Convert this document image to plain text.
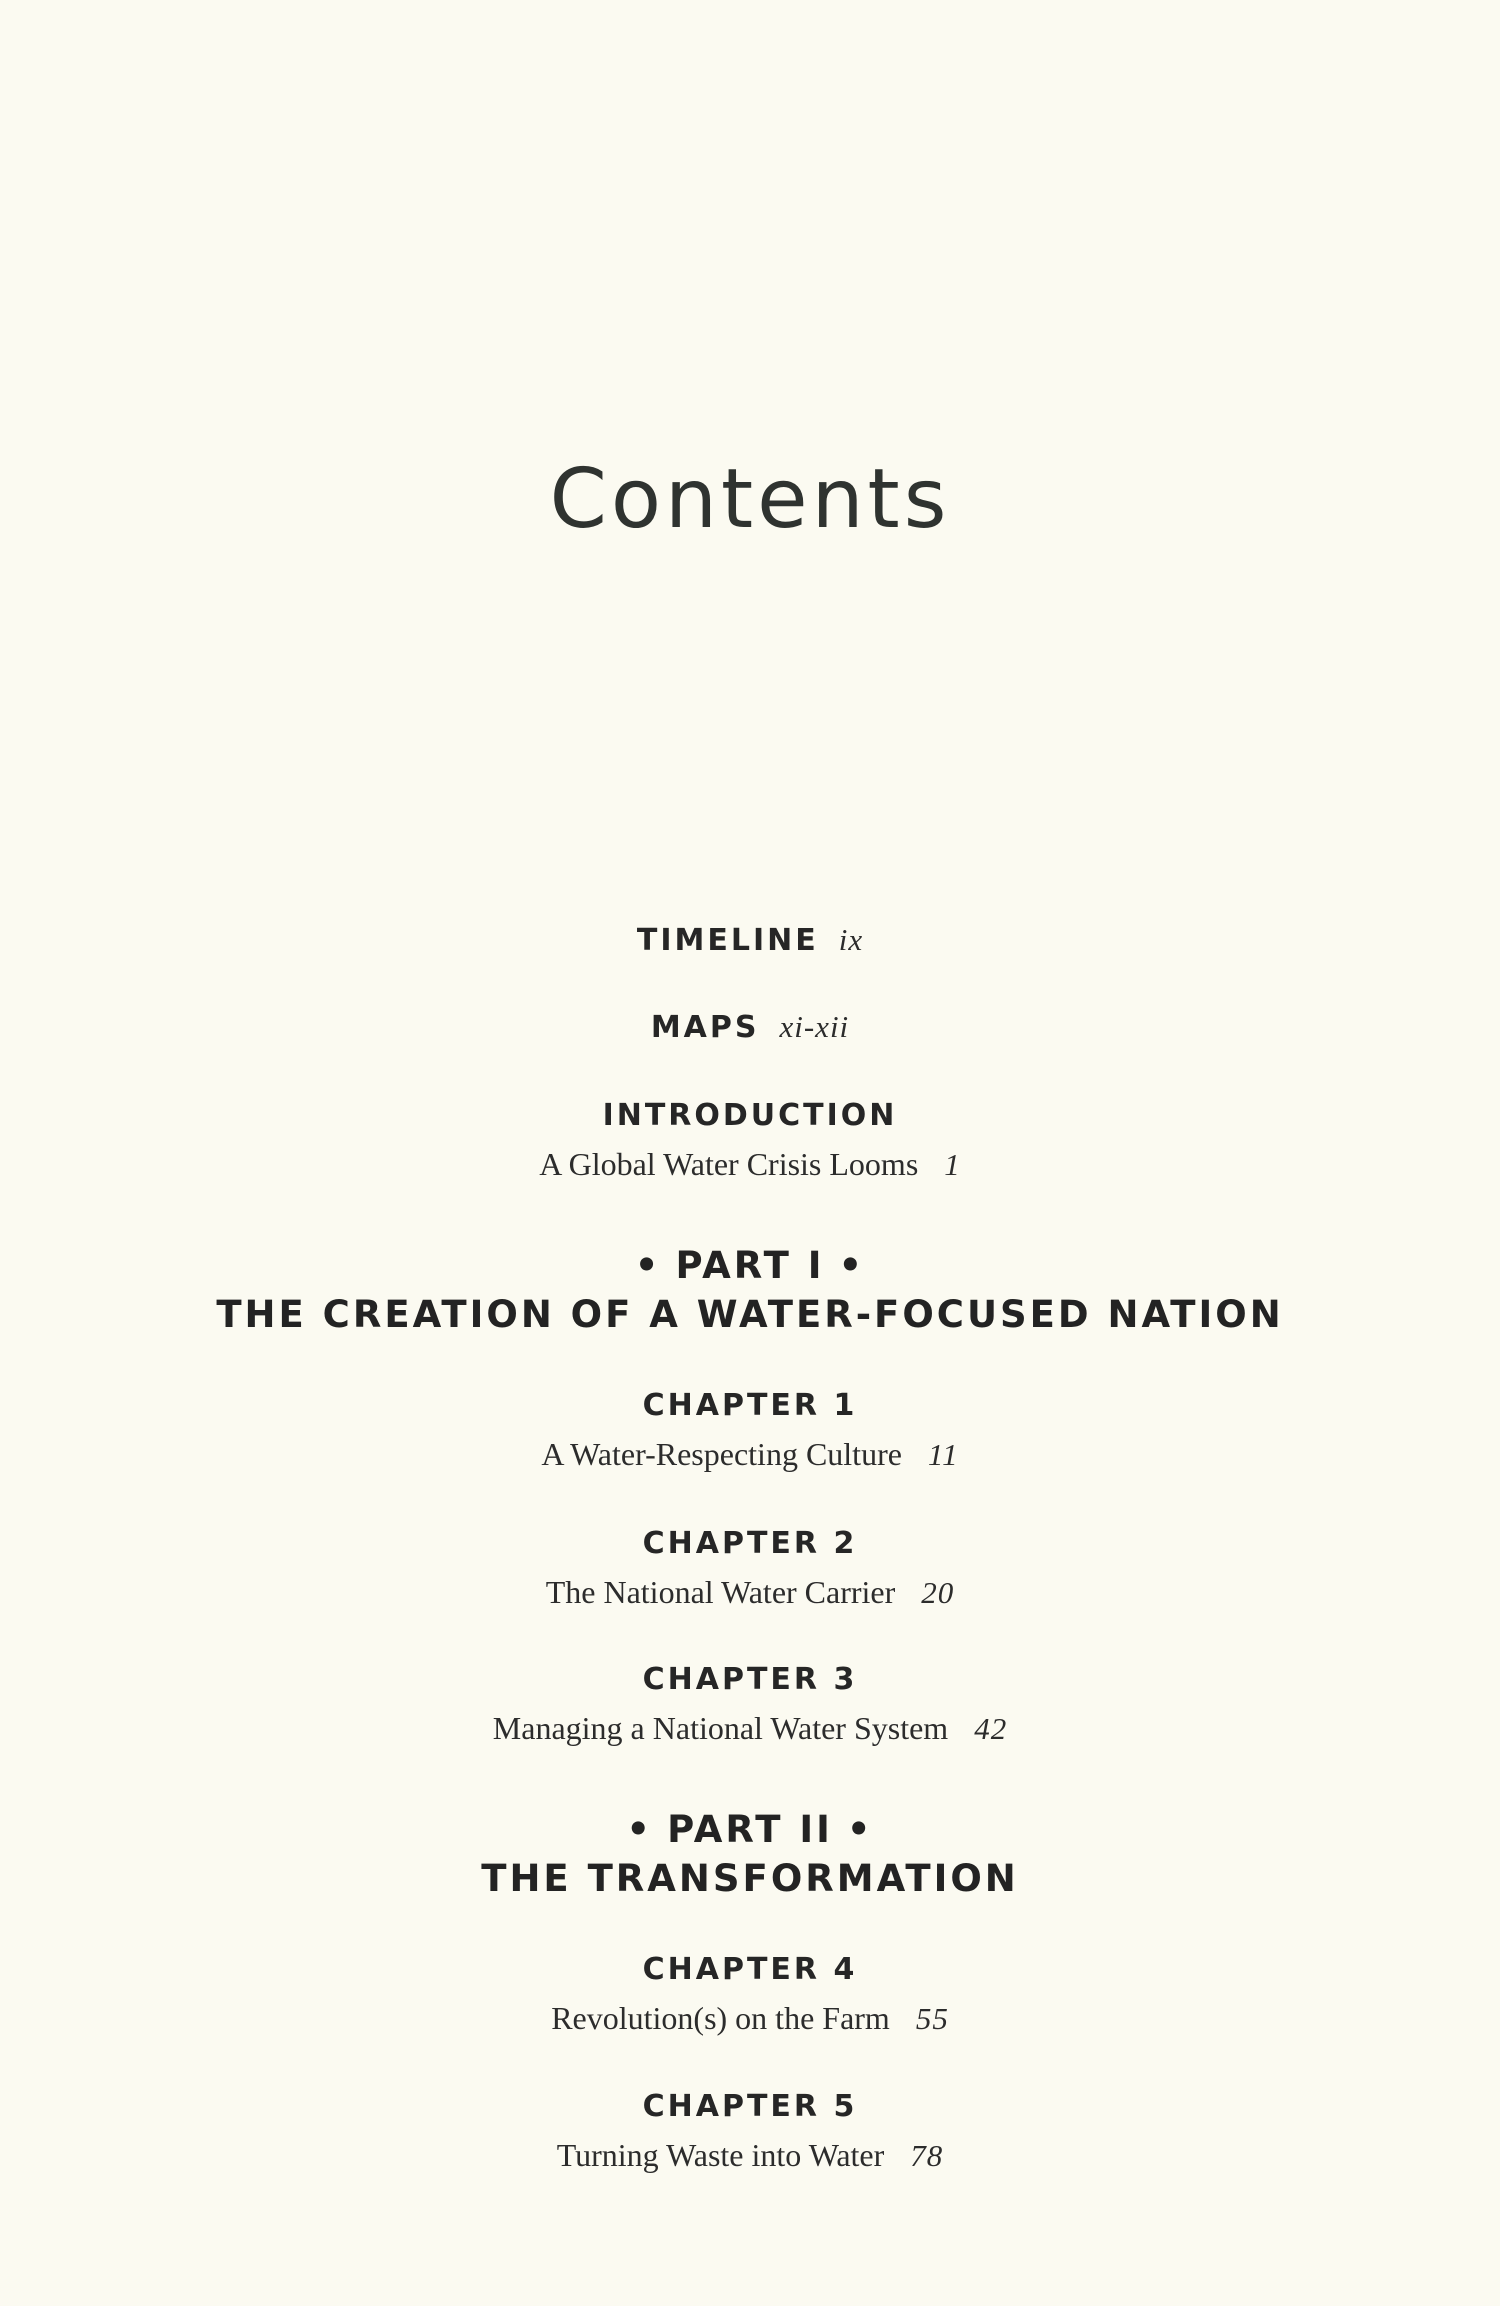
Contents
TIMELINE ix
MAPS xi-xii
INTRODUCTION
A Global Water Crisis Looms 1
• PART I •
THE CREATION OF A WATER-FOCUSED NATION
CHAPTER 1
A Water-Respecting Culture 11
CHAPTER 2
The National Water Carrier 20
CHAPTER 3
Managing a National Water System 42
• PART II •
THE TRANSFORMATION
CHAPTER 4
Revolution(s) on the Farm 55
CHAPTER 5
Turning Waste into Water 78
